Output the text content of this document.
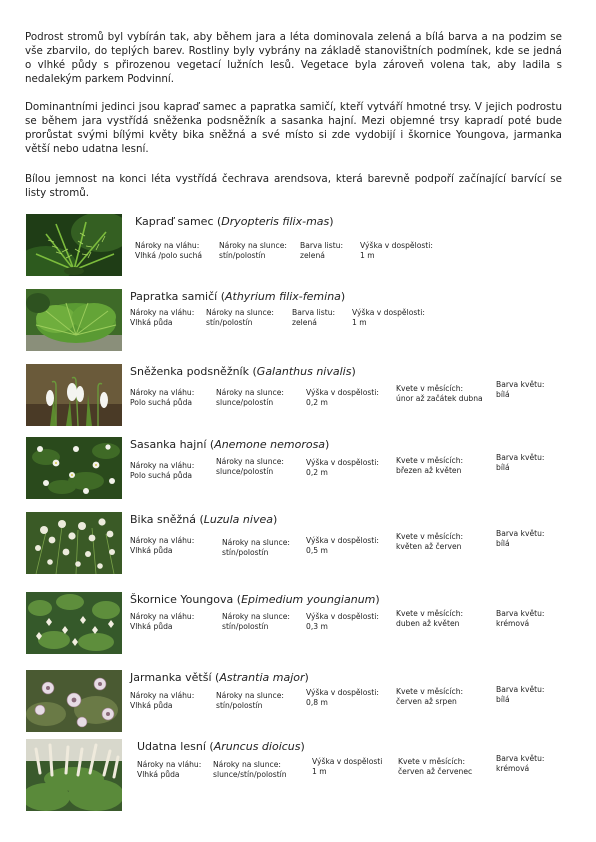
Podrost stromů byl vybírán tak, aby během jara a léta dominovala zelená a bílá barva a na podzim se vše zbarvilo, do teplých barev. Rostliny byly vybrány na základě stanovištních podmínek, kde se jedná o vlhké půdy s přirozenou vegetací lužních lesů. Vegetace byla zároveň volena tak, aby ladila s nedalekým parkem Podvinní.

Dominantními jedinci jsou kapraď samec a papratka samičí, kteří vytváří hmotné trsy. V jejich podrostu se během jara vystřídá sněženka podsněžník a sasanka hajní. Mezi objemné trsy kapradí poté bude prorůstat svými bílými květy bika sněžná a své místo si zde vydobijí i škornice Youngova, jarmanka větší nebo udatna lesní.

Bílou jemnost na konci léta vystřídá čechrava arendsova, která barevně podpoří začínající barvící se listy stromů.

Kapraď samec (Dryopteris filix-mas)
Nároky na vláhu:
Vlhká /polo suchá
Nároky na slunce:
stín/polostín
Barva listu:
zelená
Výška v dospělosti:
1 m
Papratka samičí (Athyrium filix-femina)
Nároky na vláhu:
Vlhká půda
Nároky na slunce:
stín/polostín
Barva listu:
zelená
Výška v dospělosti:
1 m
Sněženka podsněžník (Galanthus nivalis)
Nároky na vláhu:
Polo suchá půda
Nároky na slunce:
slunce/polostín
Výška v dospělosti:
0,2 m
Kvete v měsících:
únor až začátek dubna
Barva květu:
bílá
Sasanka hajní (Anemone nemorosa)
Nároky na vláhu:
Polo suchá půda
Nároky na slunce:
slunce/polostín
Výška v dospělosti:
0,2 m
Kvete v měsících:
březen až květen
Barva květu:
bílá
Bika sněžná (Luzula nivea)
Nároky na vláhu:
Vlhká půda
Nároky na slunce:
stín/polostín
Výška v dospělosti:
0,5 m
Kvete v měsících:
květen až červen
Barva květu:
bílá
Škornice Youngova (Epimedium youngianum)
Nároky na vláhu:
Vlhká půda
Nároky na slunce:
stín/polostín
Výška v dospělosti:
0,3 m
Kvete v měsících:
duben až květen
Barva květu:
krémová
Jarmanka větší (Astrantia major)
Nároky na vláhu:
Vlhká půda
Nároky na slunce:
stín/polostín
Výška v dospělosti:
0,8 m
Kvete v měsících:
červen až srpen
Barva květu:
bílá
Udatna lesní (Aruncus dioicus)
Nároky na vláhu:
Vlhká půda
Nároky na slunce:
slunce/stín/polostín
Výška v dospělosti
1 m
Kvete v měsících:
červen až červenec
Barva květu:
krémová
